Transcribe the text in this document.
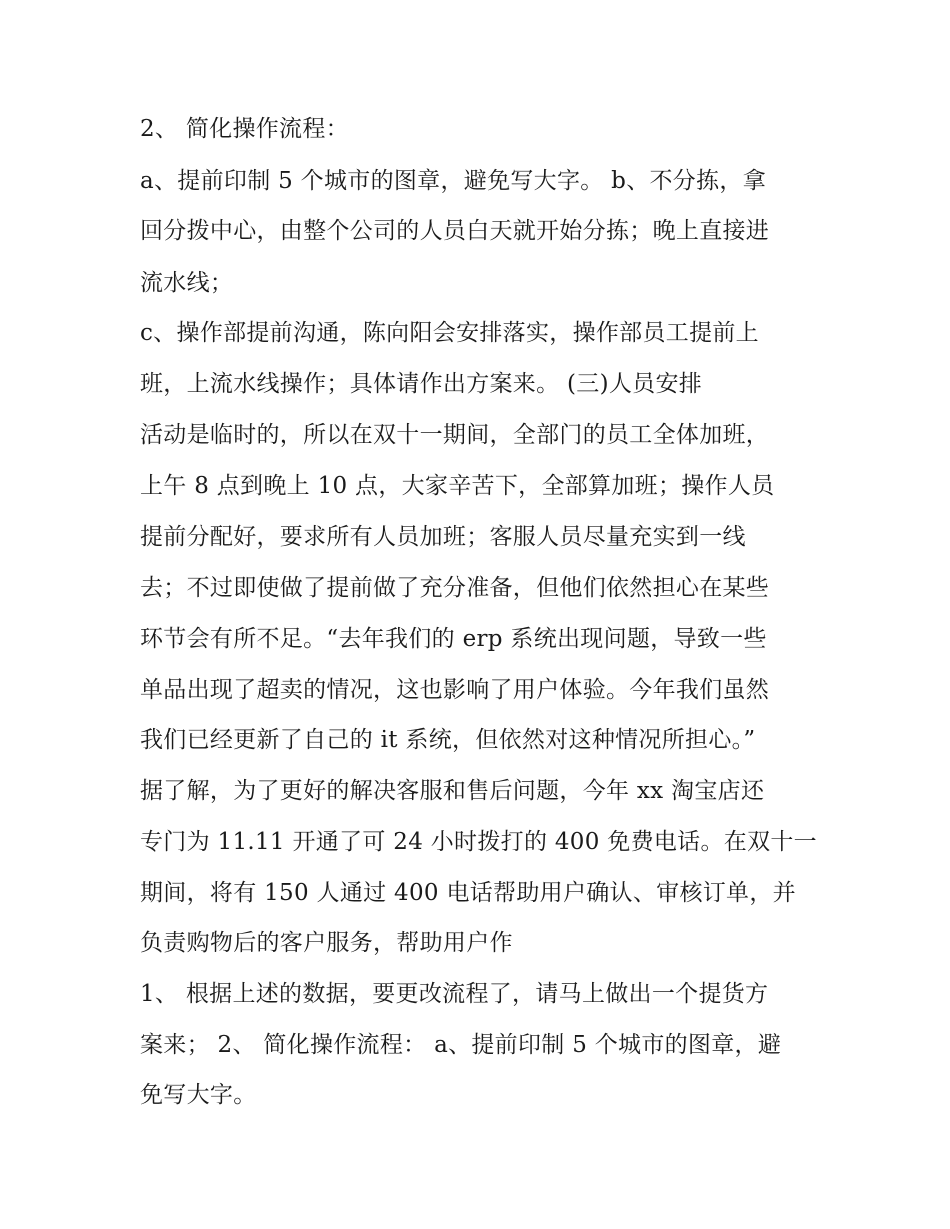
2、 简化操作流程：
a、提前印制 5 个城市的图章，避免写大字。 b、不分拣，拿
回分拨中心，由整个公司的人员白天就开始分拣；晚上直接进
流水线；
c、操作部提前沟通，陈向阳会安排落实，操作部员工提前上
班，上流水线操作；具体请作出方案来。 (三)人员安排
活动是临时的，所以在双十一期间，全部门的员工全体加班，
上午 8 点到晚上 10 点，大家辛苦下，全部算加班；操作人员
提前分配好，要求所有人员加班；客服人员尽量充实到一线
去；不过即使做了提前做了充分准备，但他们依然担心在某些
环节会有所不足。“去年我们的 erp 系统出现问题，导致一些
单品出现了超卖的情况，这也影响了用户体验。今年我们虽然
我们已经更新了自己的 it 系统，但依然对这种情况所担心。”
据了解，为了更好的解决客服和售后问题，今年 xx 淘宝店还
专门为 11.11 开通了可 24 小时拨打的 400 免费电话。在双十一
期间，将有 150 人通过 400 电话帮助用户确认、审核订单，并
负责购物后的客户服务，帮助用户作
1、 根据上述的数据，要更改流程了，请马上做出一个提货方
案来； 2、 简化操作流程： a、提前印制 5 个城市的图章，避
免写大字。
